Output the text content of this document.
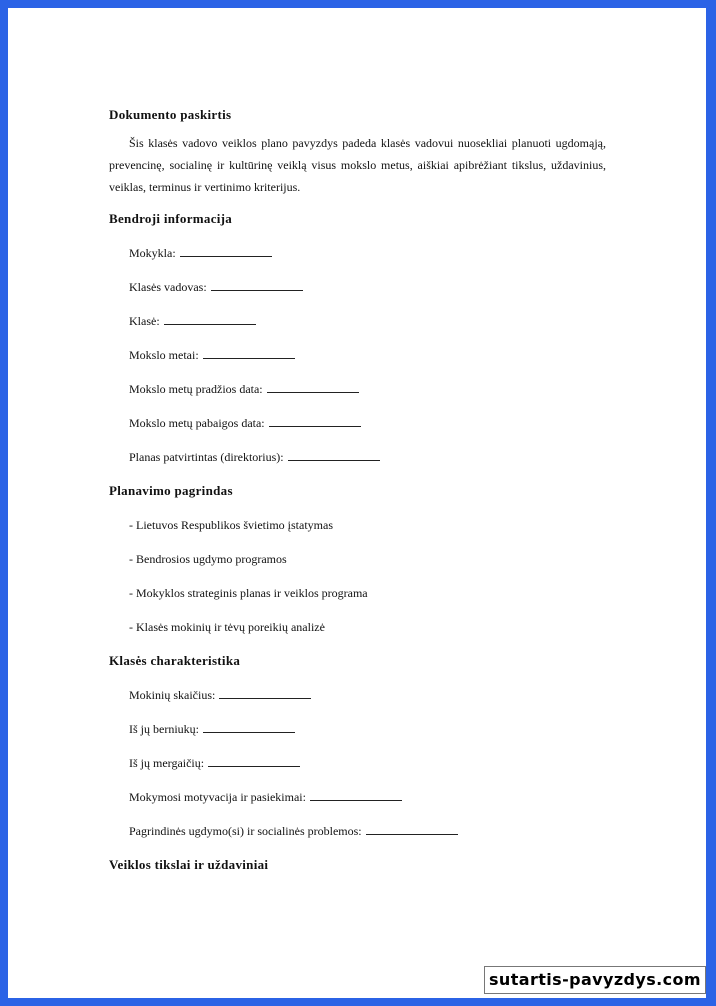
Dokumento paskirtis

Šis klasės vadovo veiklos plano pavyzdys padeda klasės vadovui nuosekliai planuoti ugdomąją, prevencinę, socialinę ir kultūrinę veiklą visus mokslo metus, aiškiai apibrėžiant tikslus, uždavinius, veiklas, terminus ir vertinimo kriterijus.

Bendroji informacija
Mokykla:
Klasės vadovas:
Klasė:
Mokslo metai:
Mokslo metų pradžios data:
Mokslo metų pabaigos data:
Planas patvirtintas (direktorius):
Planavimo pagrindas
- Lietuvos Respublikos švietimo įstatymas
- Bendrosios ugdymo programos
- Mokyklos strateginis planas ir veiklos programa
- Klasės mokinių ir tėvų poreikių analizė
Klasės charakteristika
Mokinių skaičius:
Iš jų berniukų:
Iš jų mergaičių:
Mokymosi motyvacija ir pasiekimai:
Pagrindinės ugdymo(si) ir socialinės problemos:
Veiklos tikslai ir uždaviniai
sutartis-pavyzdys.com
